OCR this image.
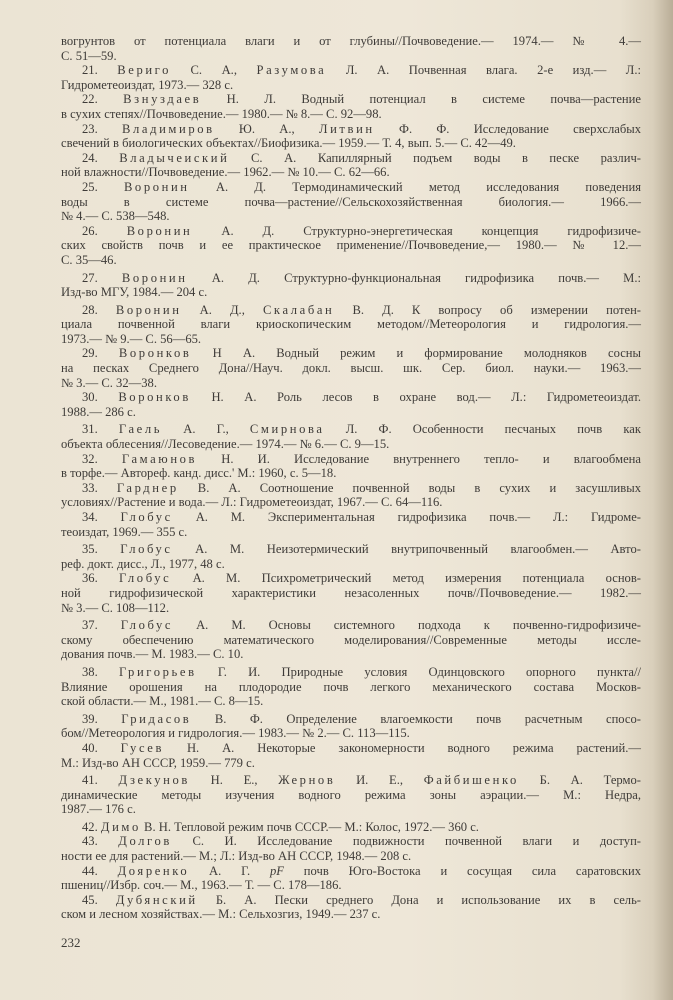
вогрунтов от потенциала влаги и от глубины//Почвоведение.— 1974.— № 4.—
С. 51—59.
21. Вериго С. А., Разумова Л. А. Почвенная влага. 2-е изд.— Л.:
Гидрометеоиздат, 1973.— 328 с.
22. Взнуздаев Н. Л. Водный потенциал в системе почва—растение
в сухих степях//Почвоведение.— 1980.— № 8.— С. 92—98.
23. Владимиров Ю. А., Литвин Ф. Ф. Исследование сверхслабых
свечений в биологических объектах//Биофизика.— 1959.— Т. 4, вып. 5.— С. 42—49.
24. Владычеиский С. А. Капиллярный подъем воды в песке различ-
ной влажности//Почвоведение.— 1962.— № 10.— С. 62—66.
25. Воронин А. Д. Термодинамический метод исследования поведения
воды в системе почва—растение//Сельскохозяйственная биология.— 1966.—
№ 4.— С. 538—548.
26. Воронин А. Д. Структурно-энергетическая концепция гидрофизиче-
ских свойств почв и ее практическое применение//Почвоведение,— 1980.— № 12.—
С. 35—46.
27. Воронин А. Д. Структурно-функциональная гидрофизика почв.— М.:
Изд-во МГУ, 1984.— 204 с.
28. Воронин А. Д., Скалабан В. Д. К вопросу об измерении потен-
циала почвенной влаги криоскопическим методом//Метеорология и гидрология.—
1973.— № 9.— С. 56—65.
29. Воронков Н А. Водный режим и формирование молодняков сосны
на песках Среднего Дона//Науч. докл. высш. шк. Сер. биол. науки.— 1963.—
№ 3.— С. 32—38.
30. Воронков Н. А. Роль лесов в охране вод.— Л.: Гидрометеоиздат.
1988.— 286 с.
31. Гаель А. Г., Смирнова Л. Ф. Особенности песчаных почв как
объекта облесения//Лесоведение.— 1974.— № 6.— С. 9—15.
32. Гамаюнов Н. И. Исследование внутреннего тепло- и влагообмена
в торфе.— Автореф. канд. дисс.' М.: 1960, с. 5—18.
33. Гарднер В. А. Соотношение почвенной воды в сухих и засушливых
условиях//Растение и вода.— Л.: Гидрометеоиздат, 1967.— С. 64—116.
34. Глобус А. М. Экспериментальная гидрофизика почв.— Л.: Гидроме-
теоиздат, 1969.— 355 с.
35. Глобус А. М. Неизотермический внутрипочвенный влагообмен.— Авто-
реф. докт. дисс., Л., 1977, 48 с.
36. Глобус А. М. Психрометрический метод измерения потенциала основ-
ной гидрофизической характеристики незасоленных почв//Почвоведение.— 1982.—
№ 3.— С. 108—112.
37. Глобус А. М. Основы системного подхода к почвенно-гидрофизиче-
скому обеспечению математического моделирования//Современные методы иссле-
дования почв.— М. 1983.— С. 10.
38. Григорьев Г. И. Природные условия Одинцовского опорного пункта//
Влияние орошения на плодородие почв легкого механического состава Москов-
ской области.— М., 1981.— С. 8—15.
39. Гридасов В. Ф. Определение влагоемкости почв расчетным спосо-
бом//Метеорология и гидрология.— 1983.— № 2.— С. 113—115.
40. Гусев Н. А. Некоторые закономерности водного режима растений.—
М.: Изд-во АН СССР, 1959.— 779 с.
41. Дзекунов Н. Е., Жернов И. Е., Файбишенко Б. А. Термо-
динамические методы изучения водного режима зоны аэрации.— М.: Недра,
1987.— 176 с.
42. Димо В. Н. Тепловой режим почв СССР.— М.: Колос, 1972.— 360 с.
43. Долгов С. И. Исследование подвижности почвенной влаги и доступ-
ности ее для растений.— М.; Л.: Изд-во АН СССР, 1948.— 208 с.
44. Дояренко А. Г. pF почв Юго-Востока и сосущая сила саратовских
пшениц//Избр. соч.— М., 1963.— Т. — С. 178—186.
45. Дубянский Б. А. Пески среднего Дона и использование их в сель-
ском и лесном хозяйствах.— М.: Сельхозгиз, 1949.— 237 с.
232
